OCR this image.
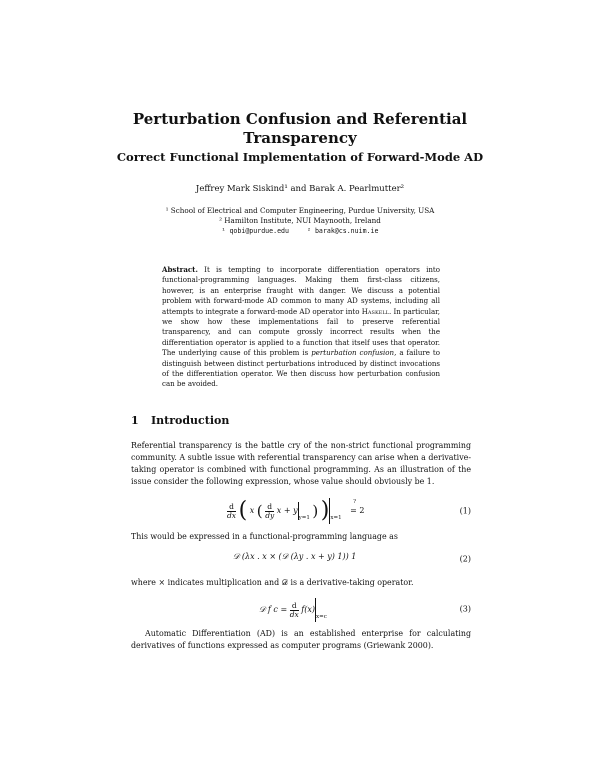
Perturbation Confusion and Referential Transparency
Correct Functional Implementation of Forward-Mode AD
Jeffrey Mark Siskind¹ and Barak A. Pearlmutter²
¹ School of Electrical and Computer Engineering, Purdue University, USA
² Hamilton Institute, NUI Maynooth, Ireland
¹ qobi@purdue.edu	² barak@cs.nuim.ie
Abstract. It is tempting to incorporate differentiation operators into functional-programming languages. Making them first-class citizens, however, is an enterprise fraught with danger. We discuss a potential problem with forward-mode AD common to many AD systems, including all attempts to integrate a forward-mode AD operator into Haskell. In particular, we show how these implementations fail to preserve referential transparency, and can compute grossly incorrect results when the differentiation operator is applied to a function that itself uses that operator. The underlying cause of this problem is perturbation confusion, a failure to distinguish between distinct perturbations introduced by distinct invocations of the differentiation operator. We then discuss how perturbation confusion can be avoided.
1 Introduction
Referential transparency is the battle cry of the non-strict functional programming community. A subtle issue with referential transparency can arise when a derivative-taking operator is combined with functional programming. As an illustration of the issue consider the following expression, whose value should obviously be 1.
$\frac{d}{dx}$ ( x ( $\frac{d}{dy}$ $x + y_{y=1}$ ) )$_{x=1}$
?
= 2	(1)
This would be expressed in a functional-programming language as
𝒟 (λx . x × (𝒟 (λy . x + y) 1)) 1	(2)
where × indicates multiplication and 𝒟 is a derivative-taking operator.
𝒟 f $c = \frac{d}{dx} f(x)_{x=c}$
(3)
Automatic Differentiation (AD) is an established enterprise for calculating derivatives of functions expressed as computer programs (Griewank 2000).
